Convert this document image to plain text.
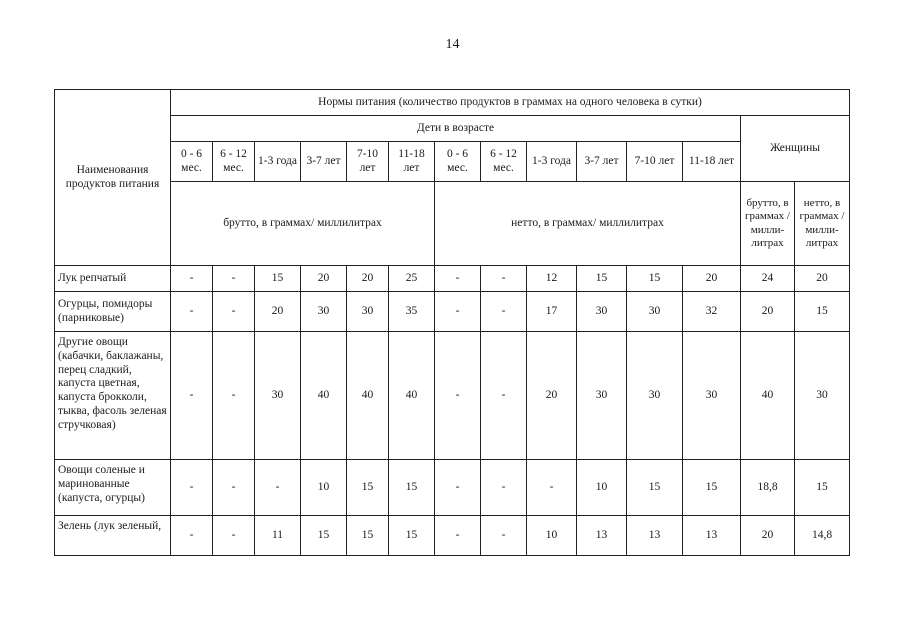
14
Наименования продуктов питания	Нормы питания (количество продуктов в граммах на одного человека в сутки)													
	Дети в возрасте												Женщины	
	0 - 6 мес.	6 - 12 мес.	1-3 года	3-7 лет	7-10 лет	11-18 лет	0 - 6 мес.	6 - 12 мес.	1-3 года	3-7 лет	7-10 лет	11-18 лет		
	брутто, в граммах/ миллилитрах						нетто, в граммах/ миллилитрах						брутто, в граммах / милли-литрах	нетто, в граммах / милли-литрах
Лук репчатый	-	-	15	20	20	25	-	-	12	15	15	20	24	20
Огурцы, помидоры (парниковые)	-	-	20	30	30	35	-	-	17	30	30	32	20	15
Другие овощи (кабачки, баклажаны, перец сладкий, капуста цветная, капуста брокколи, тыква, фасоль зеленая стручковая)	-	-	30	40	40	40	-	-	20	30	30	30	40	30
Овощи соленые и маринованные (капуста, огурцы)	-	-	-	10	15	15	-	-	-	10	15	15	18,8	15
Зелень (лук зеленый,	-	-	11	15	15	15	-	-	10	13	13	13	20	14,8
